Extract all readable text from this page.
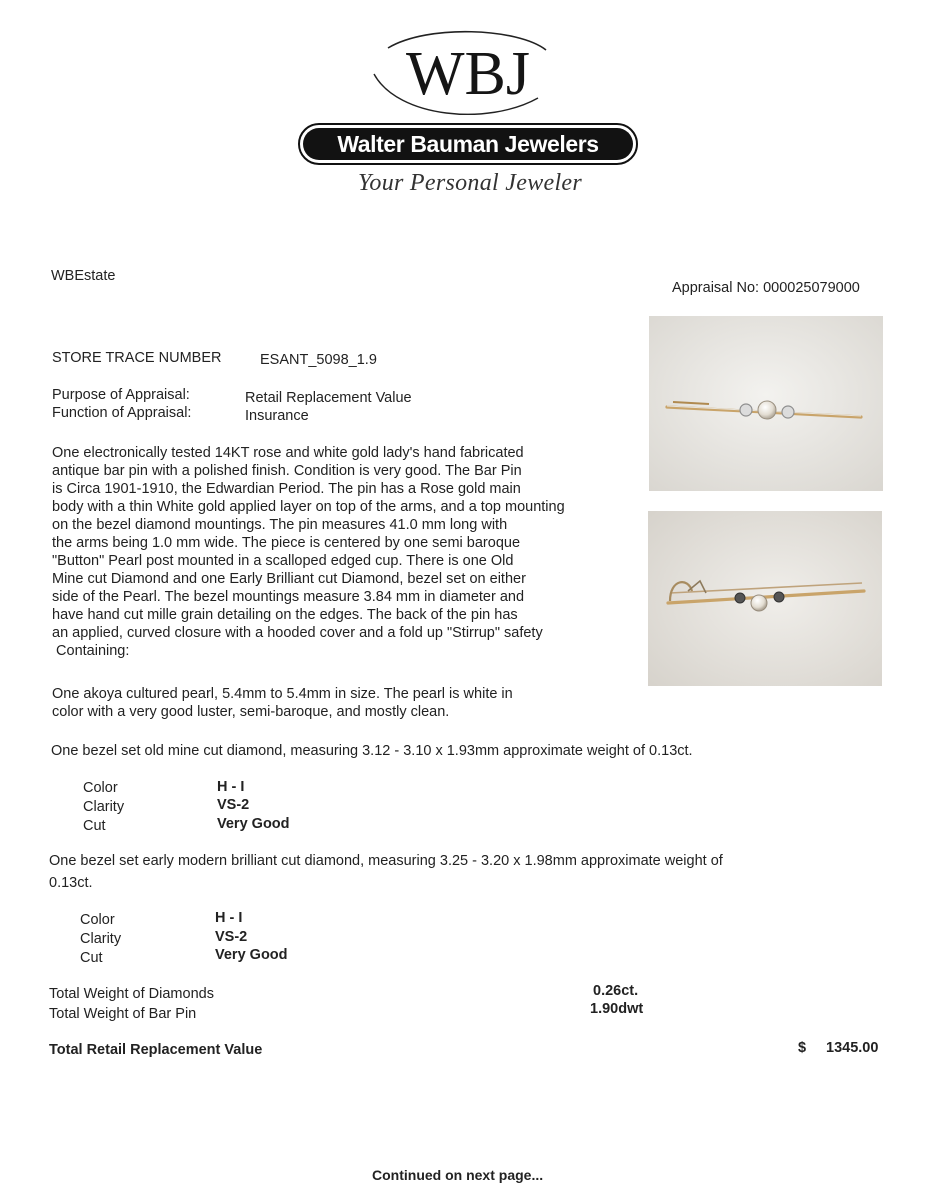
WBJ
Walter Bauman Jewelers
Your Personal Jeweler
WBEstate
Appraisal No: 000025079000
STORE TRACE NUMBER	ESANT_5098_1.9
Purpose of Appraisal:	Retail Replacement Value
Function of Appraisal:	Insurance
One electronically tested 14KT rose and white gold lady's hand fabricated
antique bar pin with a polished finish. Condition is very good. The Bar Pin
is Circa 1901-1910, the Edwardian Period. The pin has a Rose gold main
body with a thin White gold applied layer on top of the arms, and a top mounting
on the bezel diamond mountings. The pin measures 41.0 mm long with
the arms being 1.0 mm wide. The piece is centered by one semi baroque
"Button" Pearl post mounted in a scalloped edged cup. There is one Old
Mine cut Diamond and one Early Brilliant cut Diamond, bezel set on either
side of the Pearl. The bezel mountings measure 3.84 mm in diameter and
have hand cut mille grain detailing on the edges. The back of the pin has
an applied, curved closure with a hooded cover and a fold up "Stirrup" safety
Containing:
One akoya cultured pearl, 5.4mm to 5.4mm in size. The pearl is white in
color with a very good luster, semi-baroque, and mostly clean.
One bezel set old mine cut diamond, measuring 3.12 - 3.10 x 1.93mm approximate weight of 0.13ct.
Color	H - I
Clarity	VS-2
Cut	Very Good
One bezel set early modern brilliant cut diamond, measuring 3.25 - 3.20 x 1.98mm approximate weight of
0.13ct.
Color	H - I
Clarity	VS-2
Cut	Very Good
Total Weight of Diamonds	0.26ct.
Total Weight of Bar Pin	1.90dwt
Total Retail Replacement Value	$ 1345.00
Continued on next page...
